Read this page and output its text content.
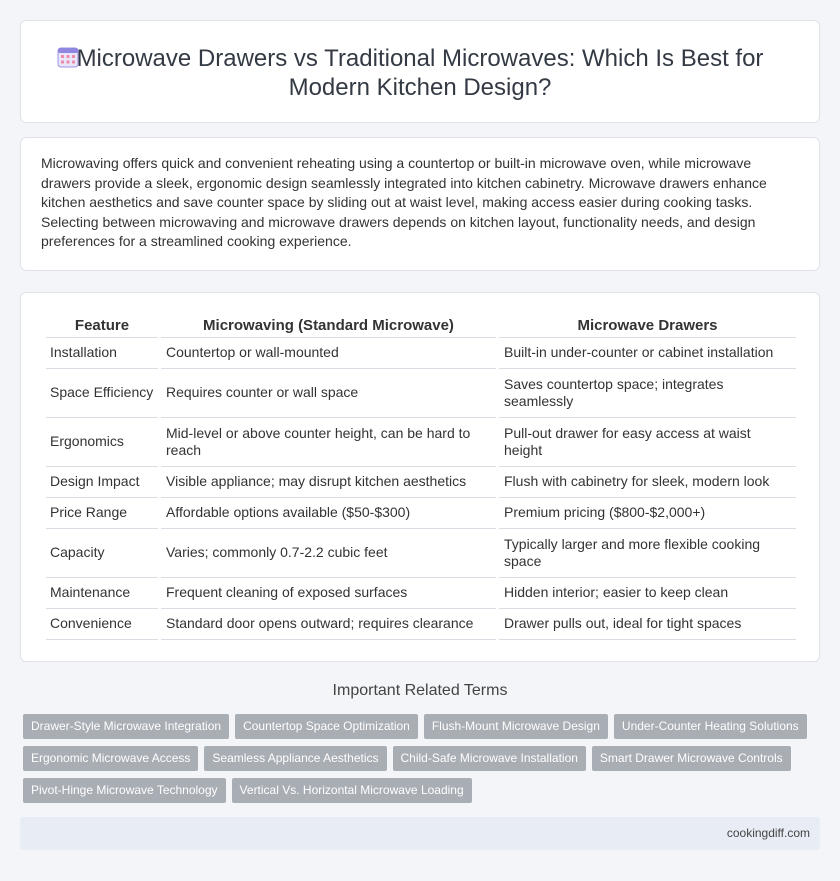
Microwave Drawers vs Traditional Microwaves: Which Is Best for Modern Kitchen Design?

Microwaving offers quick and convenient reheating using a countertop or built-in microwave oven, while microwave drawers provide a sleek, ergonomic design seamlessly integrated into kitchen cabinetry. Microwave drawers enhance kitchen aesthetics and save counter space by sliding out at waist level, making access easier during cooking tasks. Selecting between microwaving and microwave drawers depends on kitchen layout, functionality needs, and design preferences for a streamlined cooking experience.

Feature	Microwaving (Standard Microwave)	Microwave Drawers
Installation	Countertop or wall-mounted	Built-in under-counter or cabinet installation
Space Efficiency	Requires counter or wall space	Saves countertop space; integrates seamlessly
Ergonomics	Mid-level or above counter height, can be hard to reach	Pull-out drawer for easy access at waist height
Design Impact	Visible appliance; may disrupt kitchen aesthetics	Flush with cabinetry for sleek, modern look
Price Range	Affordable options available ($50-$300)	Premium pricing ($800-$2,000+)
Capacity	Varies; commonly 0.7-2.2 cubic feet	Typically larger and more flexible cooking space
Maintenance	Frequent cleaning of exposed surfaces	Hidden interior; easier to keep clean
Convenience	Standard door opens outward; requires clearance	Drawer pulls out, ideal for tight spaces
Important Related Terms
Drawer-Style Microwave Integration	Countertop Space Optimization	Flush-Mount Microwave Design	Under-Counter Heating Solutions
Ergonomic Microwave Access	Seamless Appliance Aesthetics	Child-Safe Microwave Installation	Smart Drawer Microwave Controls
Pivot-Hinge Microwave Technology	Vertical Vs. Horizontal Microwave Loading
cookingdiff.com
